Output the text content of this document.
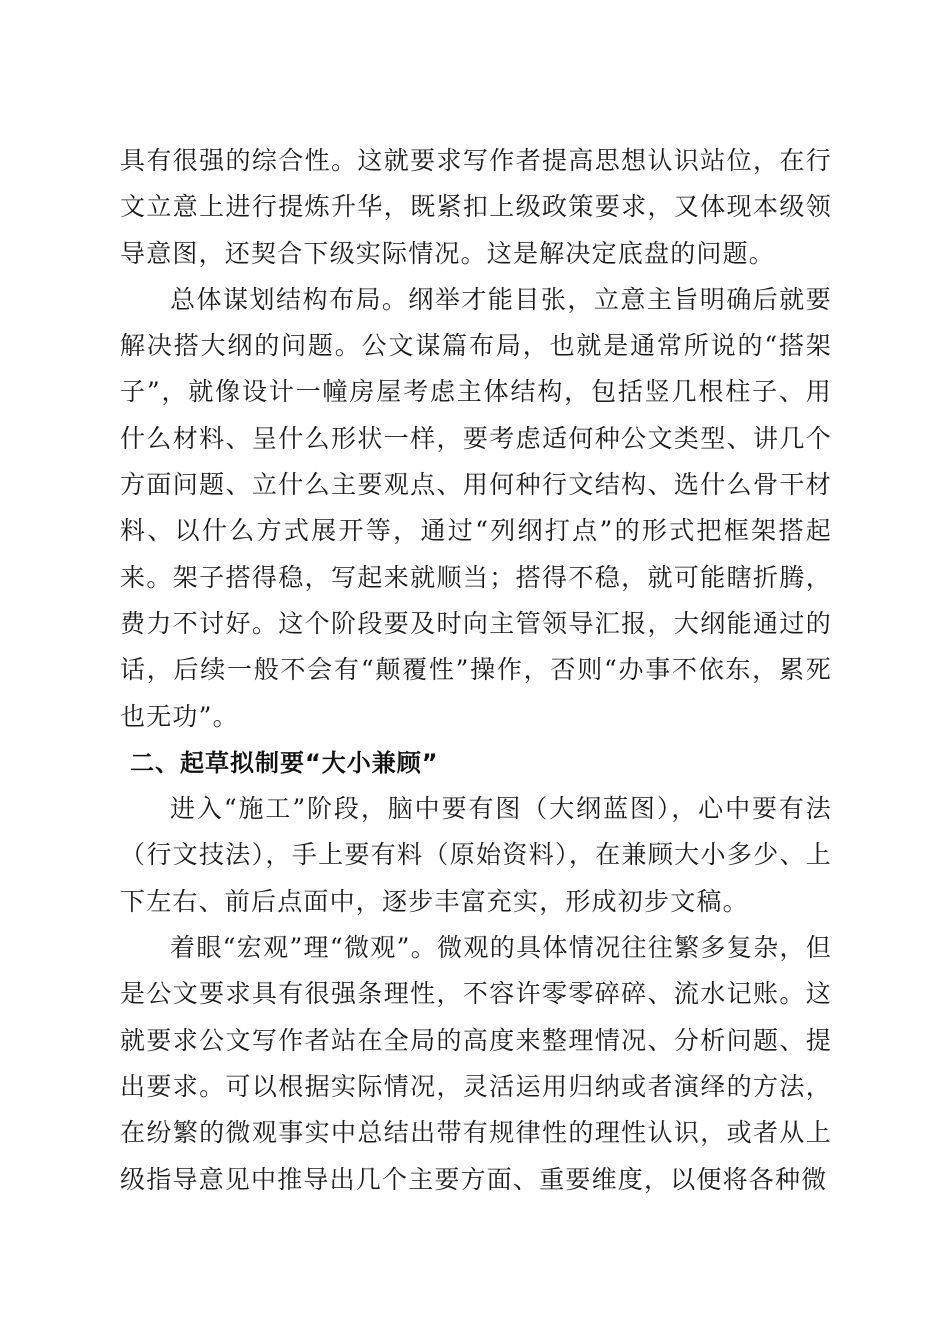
具有很强的综合性。这就要求写作者提高思想认识站位，在行文立意上进行提炼升华，既紧扣上级政策要求，又体现本级领导意图，还契合下级实际情况。这是解决定底盘的问题。

总体谋划结构布局。纲举才能目张，立意主旨明确后就要解决搭大纲的问题。公文谋篇布局，也就是通常所说的“搭架子”，就像设计一幢房屋考虑主体结构，包括竖几根柱子、用什么材料、呈什么形状一样，要考虑适何种公文类型、讲几个方面问题、立什么主要观点、用何种行文结构、选什么骨干材料、以什么方式展开等，通过“列纲打点”的形式把框架搭起来。架子搭得稳，写起来就顺当；搭得不稳，就可能瞎折腾，费力不讨好。这个阶段要及时向主管领导汇报，大纲能通过的话，后续一般不会有“颠覆性”操作，否则“办事不依东，累死也无功”。

二、起草拟制要“大小兼顾”

进入“施工”阶段，脑中要有图（大纲蓝图），心中要有法（行文技法），手上要有料（原始资料），在兼顾大小多少、上下左右、前后点面中，逐步丰富充实，形成初步文稿。

着眼“宏观”理“微观”。微观的具体情况往往繁多复杂，但是公文要求具有很强条理性，不容许零零碎碎、流水记账。这就要求公文写作者站在全局的高度来整理情况、分析问题、提出要求。可以根据实际情况，灵活运用归纳或者演绎的方法，在纷繁的微观事实中总结出带有规律性的理性认识，或者从上级指导意见中推导出几个主要方面、重要维度，以便将各种微
